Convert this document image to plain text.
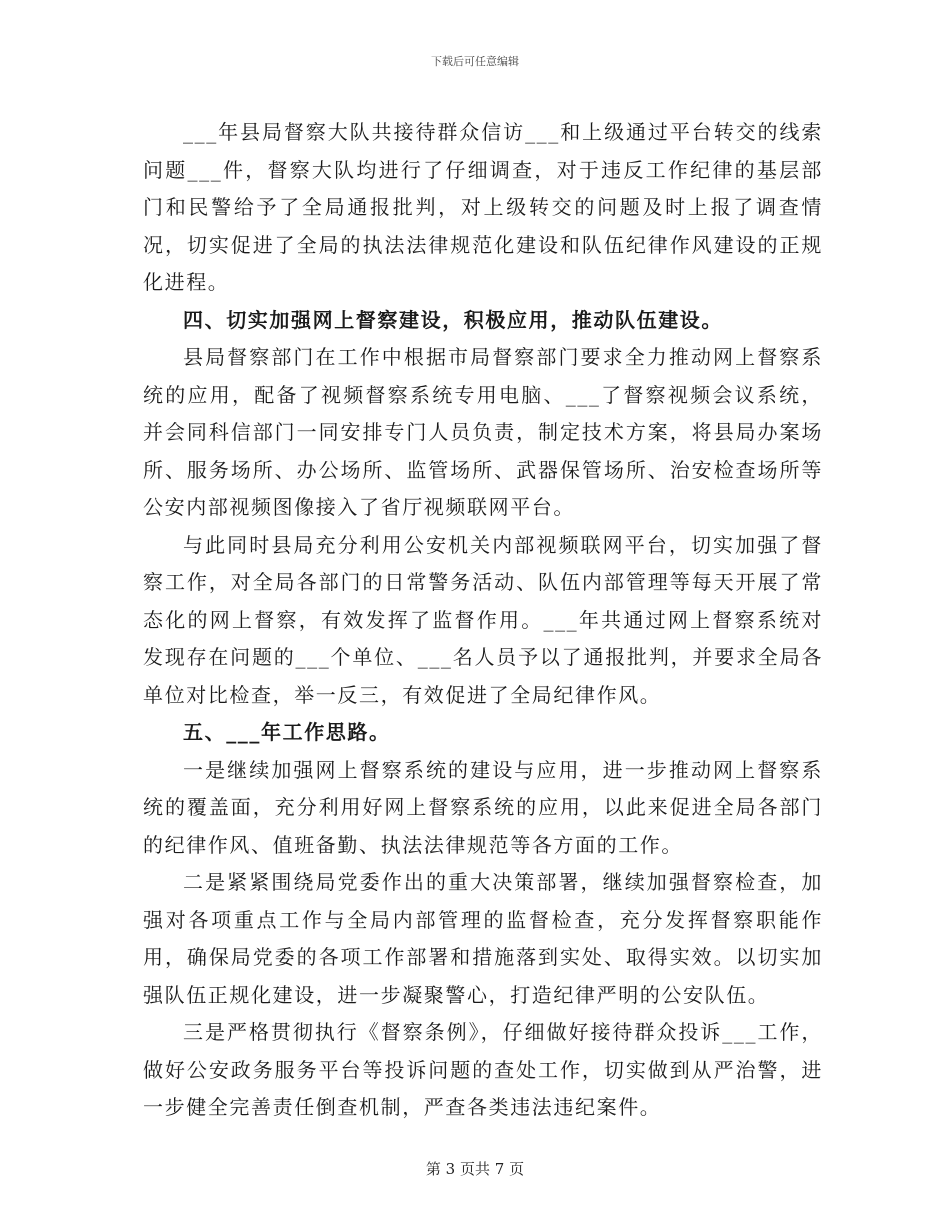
下载后可任意编辑

___年县局督察大队共接待群众信访___和上级通过平台转交的线索问题___件，督察大队均进行了仔细调查，对于违反工作纪律的基层部门和民警给予了全局通报批判，对上级转交的问题及时上报了调查情况，切实促进了全局的执法法律规范化建设和队伍纪律作风建设的正规化进程。

四、切实加强网上督察建设，积极应用，推动队伍建设。

县局督察部门在工作中根据市局督察部门要求全力推动网上督察系统的应用，配备了视频督察系统专用电脑、___了督察视频会议系统，并会同科信部门一同安排专门人员负责，制定技术方案，将县局办案场所、服务场所、办公场所、监管场所、武器保管场所、治安检查场所等公安内部视频图像接入了省厅视频联网平台。

与此同时县局充分利用公安机关内部视频联网平台，切实加强了督察工作，对全局各部门的日常警务活动、队伍内部管理等每天开展了常态化的网上督察，有效发挥了监督作用。___年共通过网上督察系统对发现存在问题的___个单位、___名人员予以了通报批判，并要求全局各单位对比检查，举一反三，有效促进了全局纪律作风。

五、___年工作思路。

一是继续加强网上督察系统的建设与应用，进一步推动网上督察系统的覆盖面，充分利用好网上督察系统的应用，以此来促进全局各部门的纪律作风、值班备勤、执法法律规范等各方面的工作。

二是紧紧围绕局党委作出的重大决策部署，继续加强督察检查，加强对各项重点工作与全局内部管理的监督检查，充分发挥督察职能作用，确保局党委的各项工作部署和措施落到实处、取得实效。以切实加强队伍正规化建设，进一步凝聚警心，打造纪律严明的公安队伍。

三是严格贯彻执行《督察条例》，仔细做好接待群众投诉___工作，做好公安政务服务平台等投诉问题的查处工作，切实做到从严治警，进一步健全完善责任倒查机制，严查各类违法违纪案件。

第 3 页共 7 页
